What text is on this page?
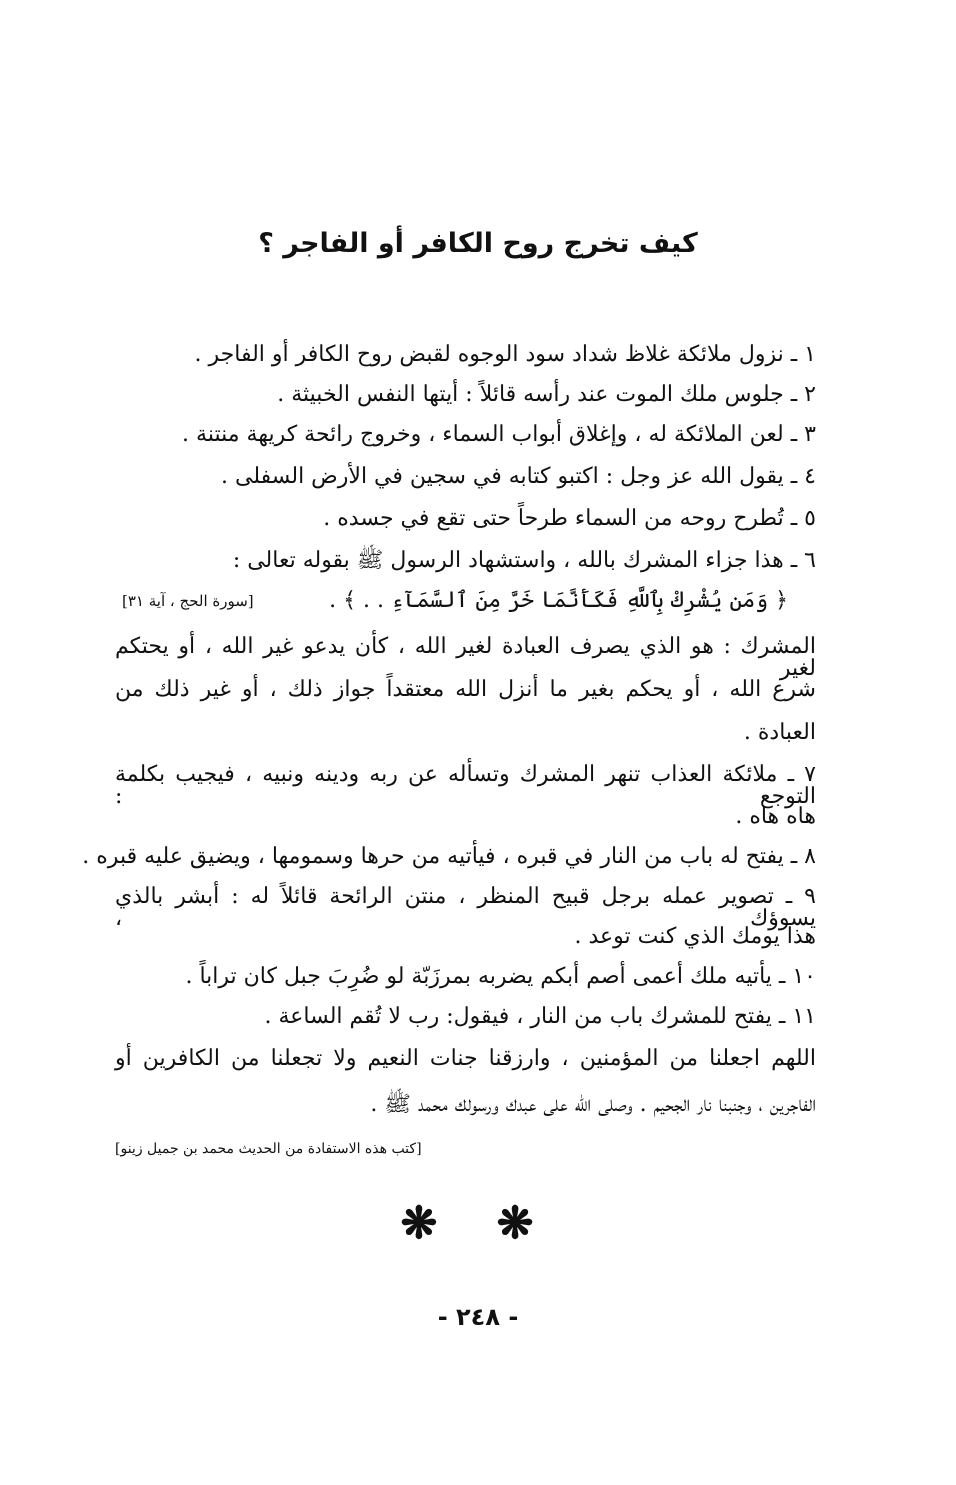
كيف تخرج روح الكافر أو الفاجر ؟
١ ـ نزول ملائكة غلاظ شداد سود الوجوه لقبض روح الكافر أو الفاجر .
٢ ـ جلوس ملك الموت عند رأسه قائلاً : أيتها النفس الخبيثة .
٣ ـ لعن الملائكة له ، وإغلاق أبواب السماء ، وخروج رائحة كريهة منتنة .
٤ ـ يقول الله عز وجل : اكتبو كتابه في سجين في الأرض السفلى .
٥ ـ تُطرح روحه من السماء طرحاً حتى تقع في جسده .
٦ ـ هذا جزاء المشرك بالله ، واستشهاد الرسول ﷺ بقوله تعالى :
﴿ وَمَن يُشْرِكْ بِٱللَّهِ فَكَأَنَّمَا خَرَّ مِنَ ٱلسَّمَآءِ . . ﴾ .
[سورة الحج ، آية ٣١]
المشرك : هو الذي يصرف العبادة لغير الله ، كأن يدعو غير الله ، أو يحتكم لغير
شرع الله ، أو يحكم بغير ما أنزل الله معتقداً جواز ذلك ، أو غير ذلك من
العبادة .
٧ ـ ملائكة العذاب تنهر المشرك وتسأله عن ربه ودينه ونبيه ، فيجيب بكلمة التوجع :
هاه هاه .
٨ ـ يفتح له باب من النار في قبره ، فيأتيه من حرها وسمومها ، ويضيق عليه قبره .
٩ ـ تصوير عمله برجل قبيح المنظر ، منتن الرائحة قائلاً له : أبشر بالذي يسوؤك ،
هذا يومك الذي كنت توعد .
١٠ ـ يأتيه ملك أعمى أصم أبكم يضربه بمرزَبّة لو ضُرِبَ جبل كان تراباً .
١١ ـ يفتح للمشرك باب من النار ، فيقول: رب لا تُقم الساعة .
اللهم اجعلنا من المؤمنين ، وارزقنا جنات النعيم ولا تجعلنا من الكافرين أو
الفاجرين ، وجنبنا نار الجحيم . وصلى الله على عبدك ورسولك محمد ﷺ .
[كتب هذه الاستفادة من الحديث محمد بن جميل زينو]
❋ ❋
- ٢٤٨ -
